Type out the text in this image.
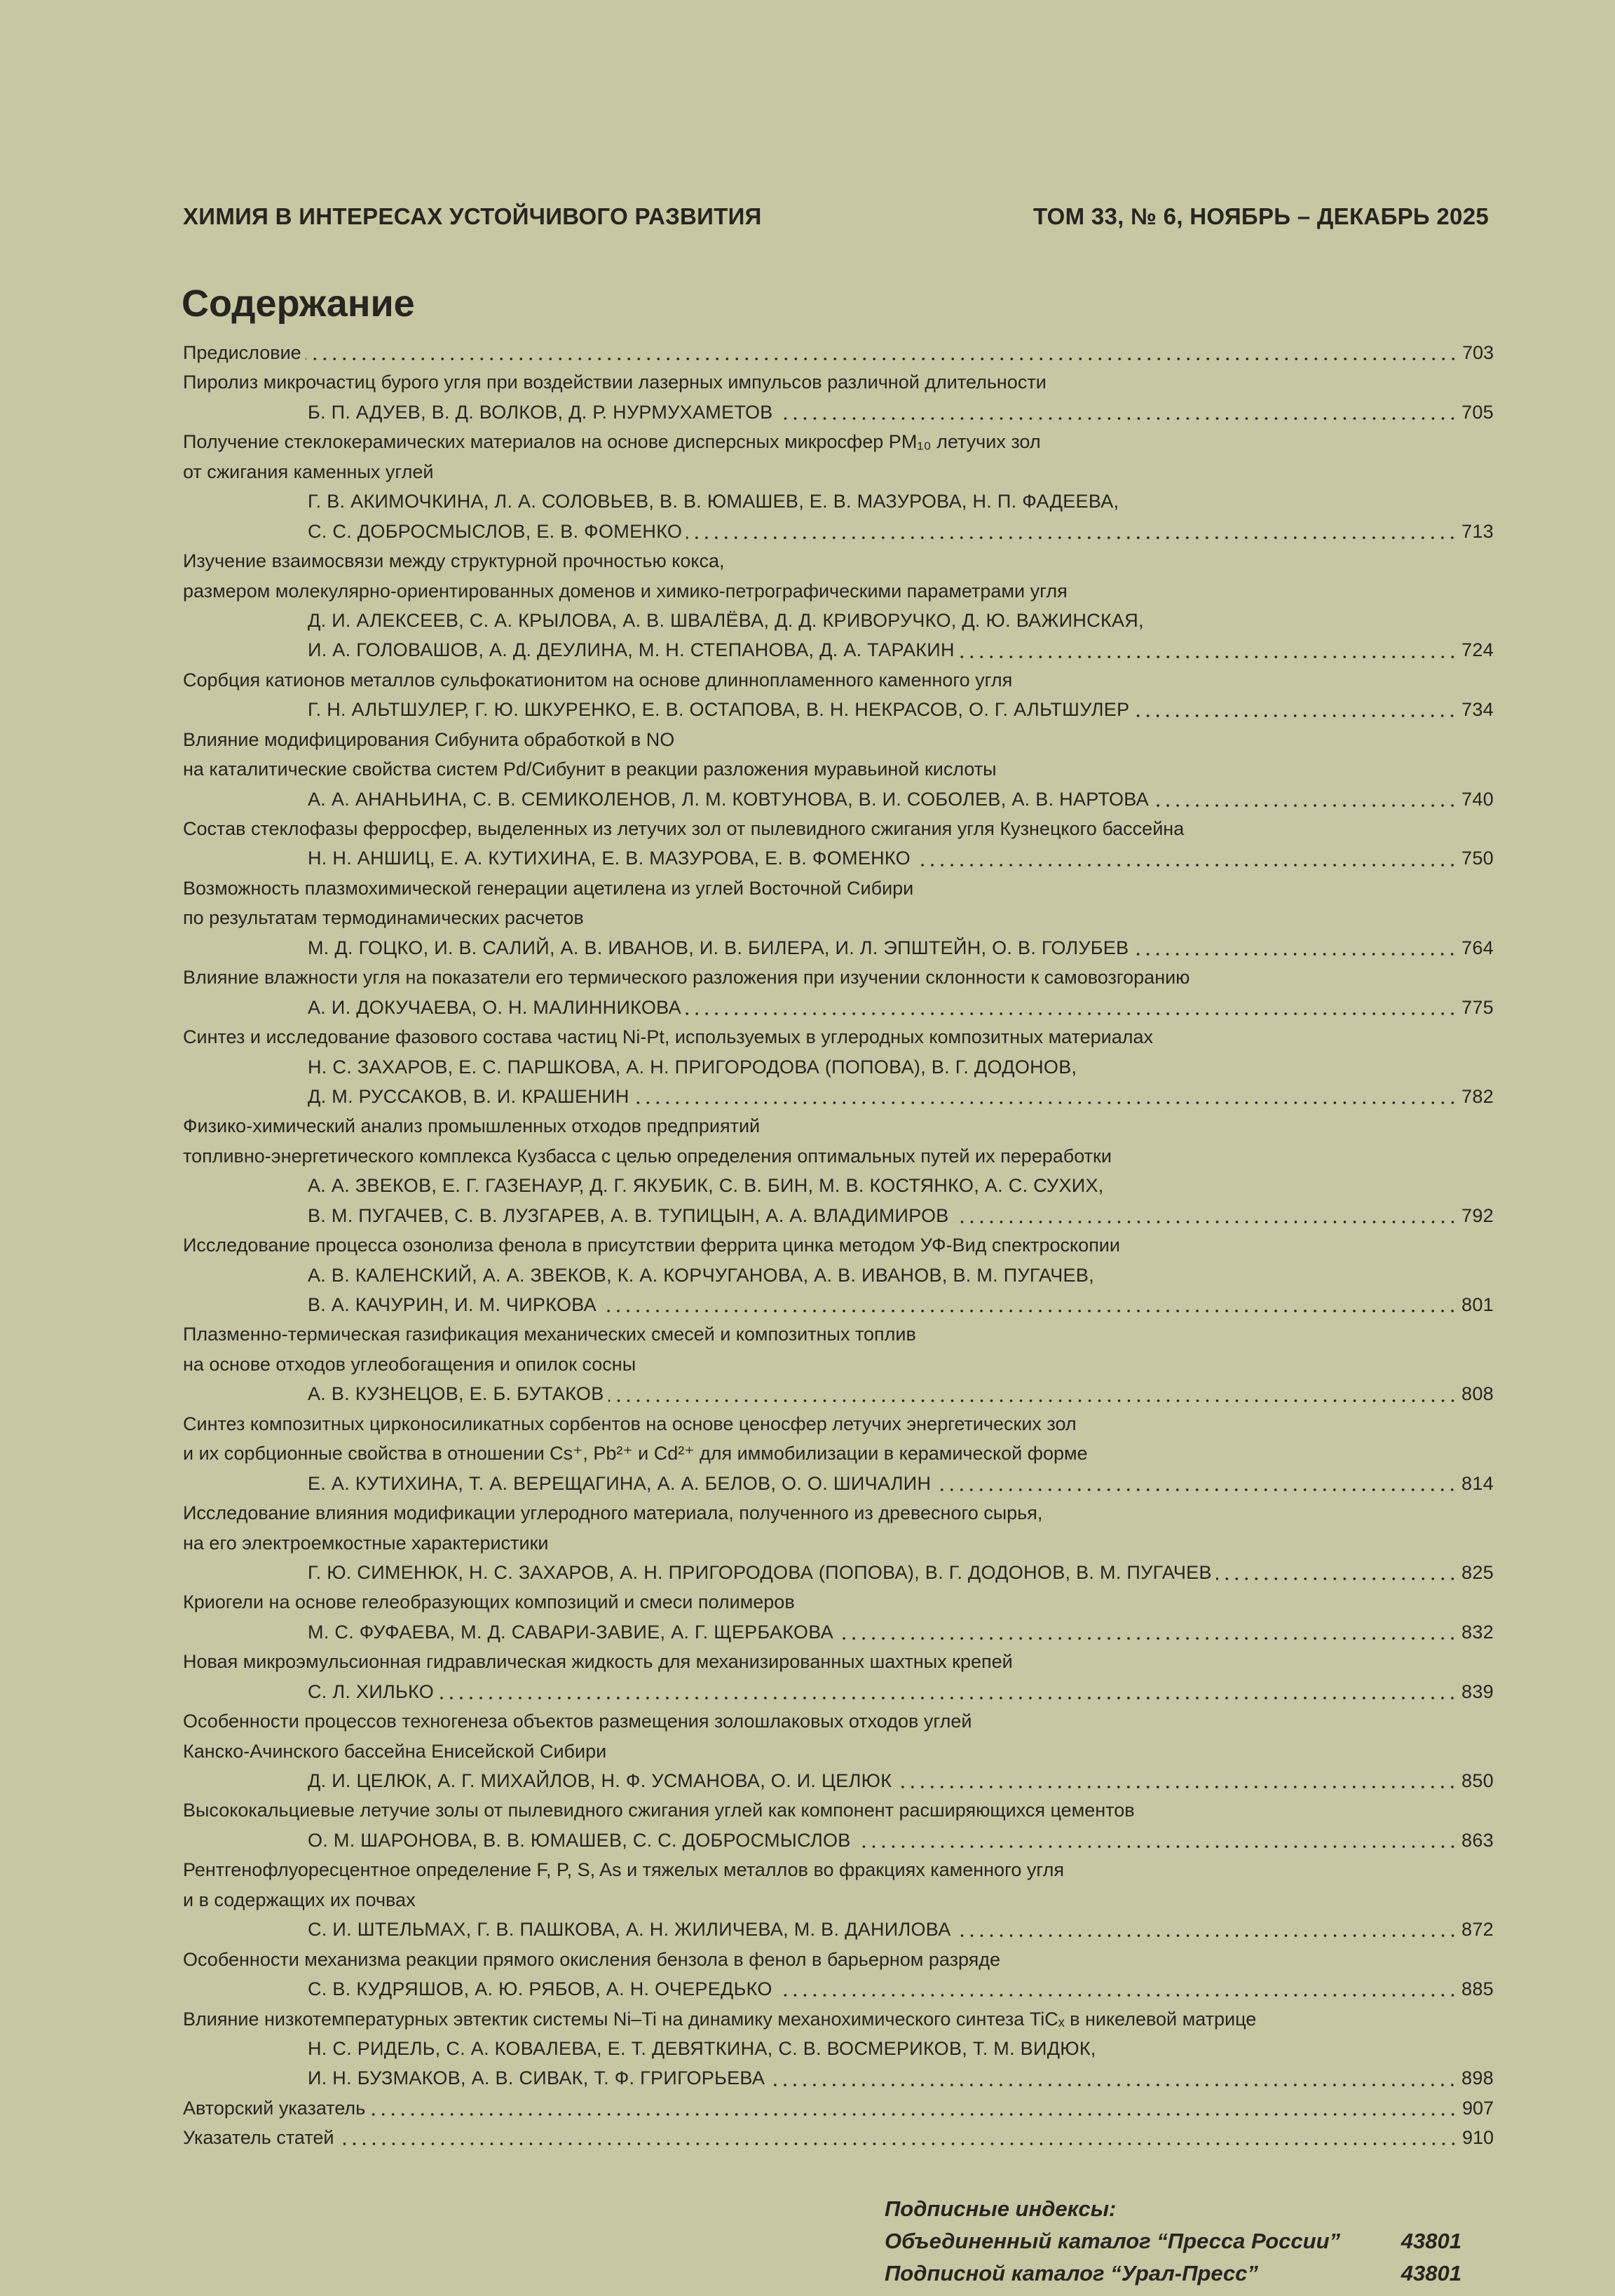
ХИМИЯ В ИНТЕРЕСАХ УСТОЙЧИВОГО РАЗВИТИЯ	ТОМ 33, № 6, НОЯБРЬ – ДЕКАБРЬ 2025
Содержание
Предисловие	703
Пиролиз микрочастиц бурого угля при воздействии лазерных импульсов различной длительности
Б. П. АДУЕВ, В. Д. ВОЛКОВ, Д. Р. НУРМУХАМЕТОВ	705
Получение стеклокерамических материалов на основе дисперсных микросфер PM₁₀ летучих зол
от сжигания каменных углей
Г. В. АКИМОЧКИНА, Л. А. СОЛОВЬЕВ, В. В. ЮМАШЕВ, Е. В. МАЗУРОВА, Н. П. ФАДЕЕВА,
С. С. ДОБРОСМЫСЛОВ, Е. В. ФОМЕНКО	713
Изучение взаимосвязи между структурной прочностью кокса,
размером молекулярно-ориентированных доменов и химико-петрографическими параметрами угля
Д. И. АЛЕКСЕЕВ, С. А. КРЫЛОВА, А. В. ШВАЛЁВА, Д. Д. КРИВОРУЧКО, Д. Ю. ВАЖИНСКАЯ,
И. А. ГОЛОВАШОВ, А. Д. ДЕУЛИНА, М. Н. СТЕПАНОВА, Д. А. ТАРАКИН	724
Сорбция катионов металлов сульфокатионитом на основе длиннопламенного каменного угля
Г. Н. АЛЬТШУЛЕР, Г. Ю. ШКУРЕНКО, Е. В. ОСТАПОВА, В. Н. НЕКРАСОВ, О. Г. АЛЬТШУЛЕР	734
Влияние модифицирования Сибунита обработкой в NO
на каталитические свойства систем Pd/Сибунит в реакции разложения муравьиной кислоты
А. А. АНАНЬИНА, С. В. СЕМИКОЛЕНОВ, Л. М. КОВТУНОВА, В. И. СОБОЛЕВ, А. В. НАРТОВА	740
Состав стеклофазы ферросфер, выделенных из летучих зол от пылевидного сжигания угля Кузнецкого бассейна
Н. Н. АНШИЦ, Е. А. КУТИХИНА, Е. В. МАЗУРОВА, Е. В. ФОМЕНКО	750
Возможность плазмохимической генерации ацетилена из углей Восточной Сибири
по результатам термодинамических расчетов
М. Д. ГОЦКО, И. В. САЛИЙ, А. В. ИВАНОВ, И. В. БИЛЕРА, И. Л. ЭПШТЕЙН, О. В. ГОЛУБЕВ	764
Влияние влажности угля на показатели его термического разложения при изучении склонности к самовозгоранию
А. И. ДОКУЧАЕВА, О. Н. МАЛИННИКОВА	775
Синтез и исследование фазового состава частиц Ni-Pt, используемых в углеродных композитных материалах
Н. С. ЗАХАРОВ, Е. С. ПАРШКОВА, А. Н. ПРИГОРОДОВА (ПОПОВА), В. Г. ДОДОНОВ,
Д. М. РУССАКОВ, В. И. КРАШЕНИН	782
Физико-химический анализ промышленных отходов предприятий
топливно-энергетического комплекса Кузбасса с целью определения оптимальных путей их переработки
А. А. ЗВЕКОВ, Е. Г. ГАЗЕНАУР, Д. Г. ЯКУБИК, С. В. БИН, М. В. КОСТЯНКО, А. С. СУХИХ,
В. М. ПУГАЧЕВ, С. В. ЛУЗГАРЕВ, А. В. ТУПИЦЫН, А. А. ВЛАДИМИРОВ	792
Исследование процесса озонолиза фенола в присутствии феррита цинка методом УФ-Вид спектроскопии
А. В. КАЛЕНСКИЙ, А. А. ЗВЕКОВ, К. А. КОРЧУГАНОВА, А. В. ИВАНОВ, В. М. ПУГАЧЕВ,
В. А. КАЧУРИН, И. М. ЧИРКОВА	801
Плазменно-термическая газификация механических смесей и композитных топлив
на основе отходов углеобогащения и опилок сосны
А. В. КУЗНЕЦОВ, Е. Б. БУТАКОВ	808
Синтез композитных цирконосиликатных сорбентов на основе ценосфер летучих энергетических зол
и их сорбционные свойства в отношении Cs⁺, Pb²⁺ и Cd²⁺ для иммобилизации в керамической форме
Е. А. КУТИХИНА, Т. А. ВЕРЕЩАГИНА, А. А. БЕЛОВ, О. О. ШИЧАЛИН	814
Исследование влияния модификации углеродного материала, полученного из древесного сырья,
на его электроемкостные характеристики
Г. Ю. СИМЕНЮК, Н. С. ЗАХАРОВ, А. Н. ПРИГОРОДОВА (ПОПОВА), В. Г. ДОДОНОВ, В. М. ПУГАЧЕВ	825
Криогели на основе гелеобразующих композиций и смеси полимеров
М. С. ФУФАЕВА, М. Д. САВАРИ-ЗАВИЕ, А. Г. ЩЕРБАКОВА	832
Новая микроэмульсионная гидравлическая жидкость для механизированных шахтных крепей
С. Л. ХИЛЬКО	839
Особенности процессов техногенеза объектов размещения золошлаковых отходов углей
Канско-Ачинского бассейна Енисейской Сибири
Д. И. ЦЕЛЮК, А. Г. МИХАЙЛОВ, Н. Ф. УСМАНОВА, О. И. ЦЕЛЮК	850
Высококальциевые летучие золы от пылевидного сжигания углей как компонент расширяющихся цементов
О. М. ШАРОНОВА, В. В. ЮМАШЕВ, С. С. ДОБРОСМЫСЛОВ	863
Рентгенофлуоресцентное определение F, P, S, As и тяжелых металлов во фракциях каменного угля
и в содержащих их почвах
С. И. ШТЕЛЬМАХ, Г. В. ПАШКОВА, А. Н. ЖИЛИЧЕВА, М. В. ДАНИЛОВА	872
Особенности механизма реакции прямого окисления бензола в фенол в барьерном разряде
С. В. КУДРЯШОВ, А. Ю. РЯБОВ, А. Н. ОЧЕРЕДЬКО	885
Влияние низкотемпературных эвтектик системы Ni–Ti на динамику механохимического синтеза TiCₓ в никелевой матрице
Н. С. РИДЕЛЬ, С. А. КОВАЛЕВА, Е. Т. ДЕВЯТКИНА, С. В. ВОСМЕРИКОВ, Т. М. ВИДЮК,
И. Н. БУЗМАКОВ, А. В. СИВАК, Т. Ф. ГРИГОРЬЕВА	898
Авторский указатель	907
Указатель статей	910
Подписные индексы:
Объединенный каталог “Пресса России”	43801
Подписной каталог “Урал-Пресс”	43801
